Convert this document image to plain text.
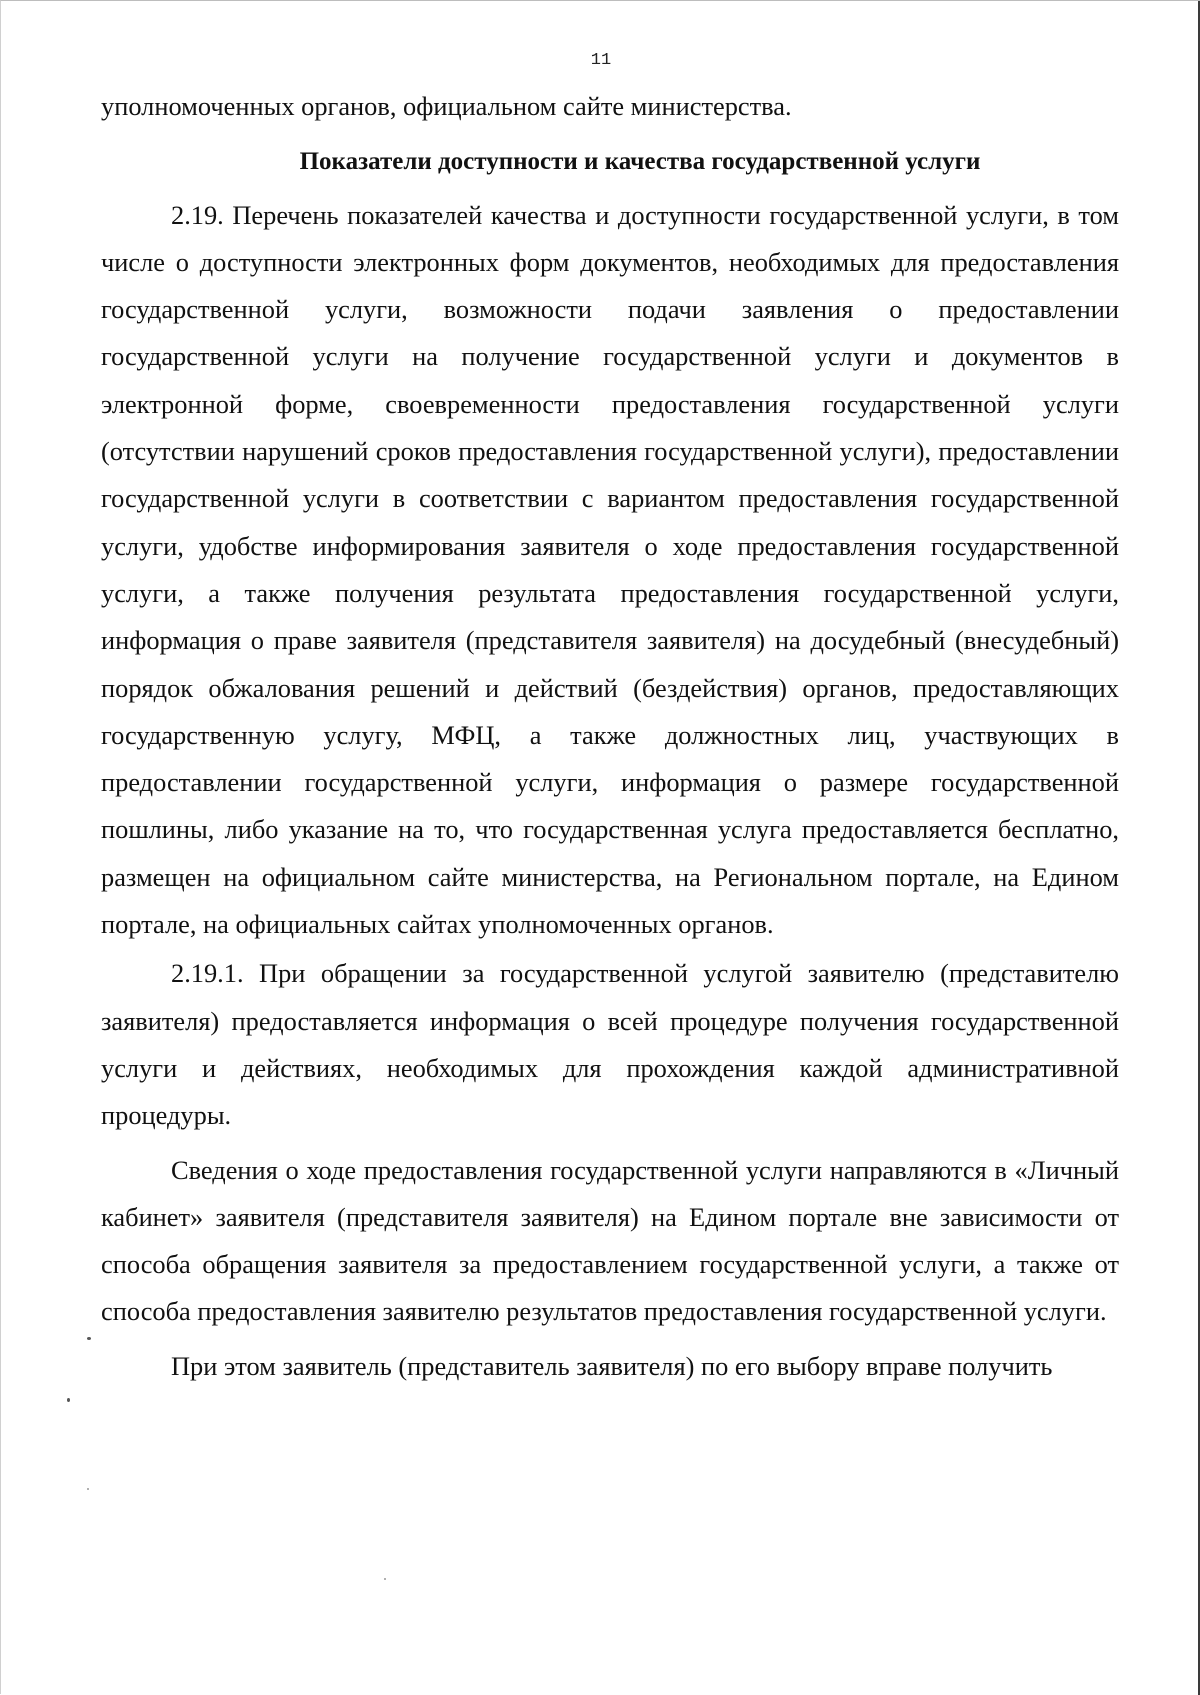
11

уполномоченных органов, официальном сайте министерства.

Показатели доступности и качества государственной услуги

2.19. Перечень показателей качества и доступности государственной услуги, в том числе о доступности электронных форм документов, необходимых для предоставления государственной услуги, возможности подачи заявления о предоставлении государственной услуги на получение государственной услуги и документов в электронной форме, своевременности предоставления государственной услуги (отсутствии нарушений сроков предоставления государственной услуги), предоставлении государственной услуги в соответствии с вариантом предоставления государственной услуги, удобстве информирования заявителя о ходе предоставления государственной услуги, а также получения результата предоставления государственной услуги, информация о праве заявителя (представителя заявителя) на досудебный (внесудебный) порядок обжалования решений и действий (бездействия) органов, предоставляющих государственную услугу, МФЦ, а также должностных лиц, участвующих в предоставлении государственной услуги, информация о размере государственной пошлины, либо указание на то, что государственная услуга предоставляется бесплатно, размещен на официальном сайте министерства, на Региональном портале, на Едином портале, на официальных сайтах уполномоченных органов.

2.19.1. При обращении за государственной услугой заявителю (представителю заявителя) предоставляется информация о всей процедуре получения государственной услуги и действиях, необходимых для прохождения каждой административной процедуры.

Сведения о ходе предоставления государственной услуги направляются в «Личный кабинет» заявителя (представителя заявителя) на Едином портале вне зависимости от способа обращения заявителя за предоставлением государственной услуги, а также от способа предоставления заявителю результатов предоставления государственной услуги.

При этом заявитель (представитель заявителя) по его выбору вправе получить
